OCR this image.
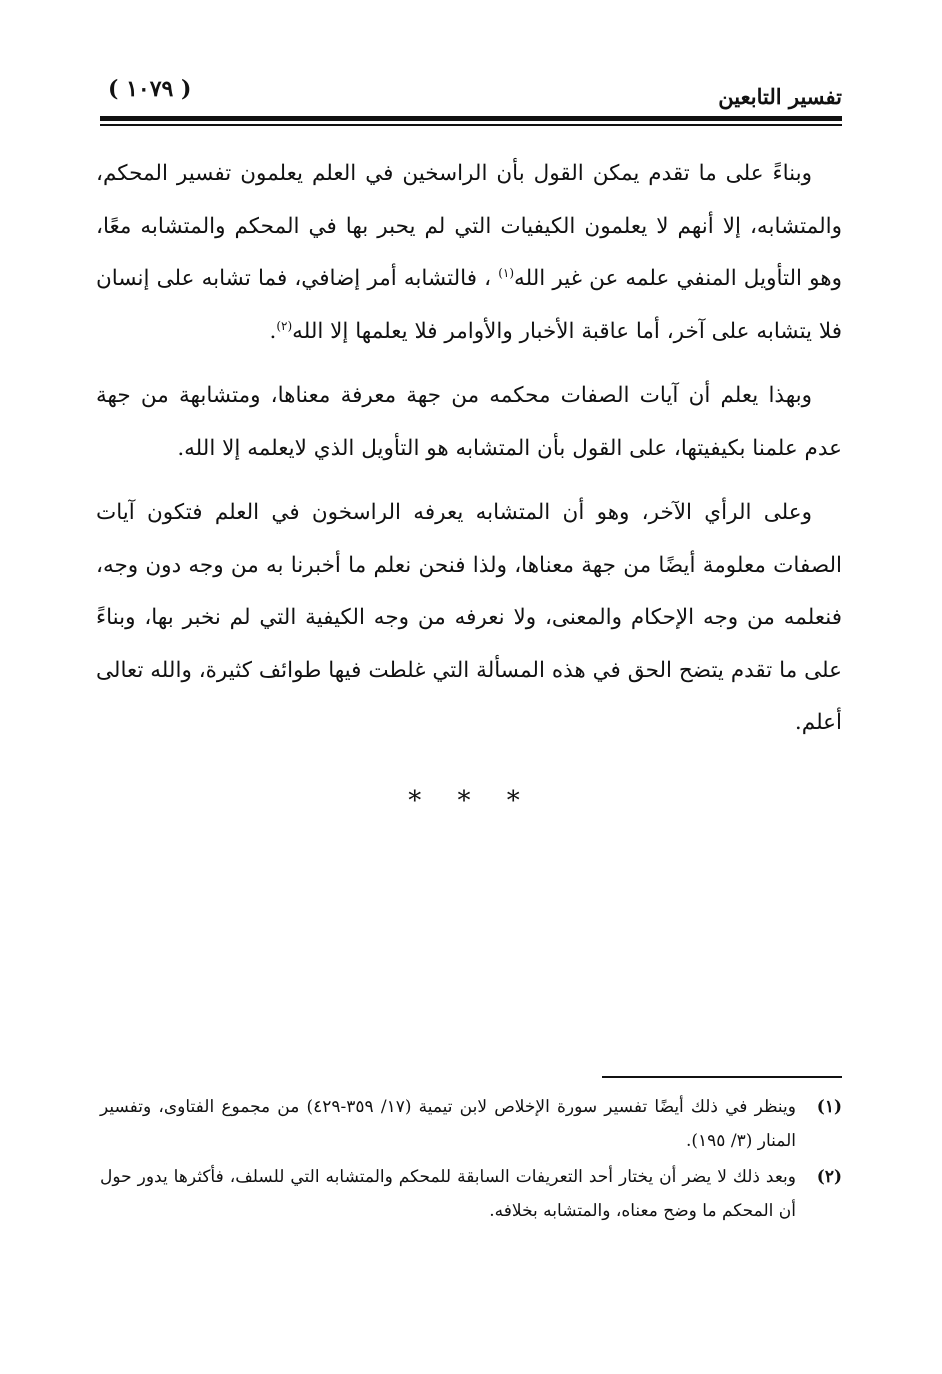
تفسير التابعين
( ١٠٧٩ )

وبناءً على ما تقدم يمكن القول بأن الراسخين في العلم يعلمون تفسير المحكم، والمتشابه، إلا أنهم لا يعلمون الكيفيات التي لم يحبر بها في المحكم والمتشابه معًا، وهو التأويل المنفي علمه عن غير الله$^{(١)}$ ، فالتشابه أمر إضافي، فما تشابه على إنسان فلا يتشابه على آخر، أما عاقبة الأخبار والأوامر فلا يعلمها إلا الله$^{(٢)}$.

وبهذا يعلم أن آيات الصفات محكمه من جهة معرفة معناها، ومتشابهة من جهة عدم علمنا بكيفيتها، على القول بأن المتشابه هو التأويل الذي لايعلمه إلا الله.

وعلى الرأي الآخر، وهو أن المتشابه يعرفه الراسخون في العلم فتكون آيات الصفات معلومة أيضًا من جهة معناها، ولذا فنحن نعلم ما أخبرنا به من وجه دون وجه، فنعلمه من وجه الإحكام والمعنى، ولا نعرفه من وجه الكيفية التي لم نخبر بها، وبناءً على ما تقدم يتضح الحق في هذه المسألة التي غلطت فيها طوائف كثيرة، والله تعالى أعلم.

* * *
(١)
وينظر في ذلك أيضًا تفسير سورة الإخلاص لابن تيمية (١٧/ ٣٥٩-٤٢٩) من مجموع الفتاوى، وتفسير المنار (٣/ ١٩٥).
(٢)
وبعد ذلك لا يضر أن يختار أحد التعريفات السابقة للمحكم والمتشابه التي للسلف، فأكثرها يدور حول أن المحكم ما وضح معناه، والمتشابه بخلافه.
